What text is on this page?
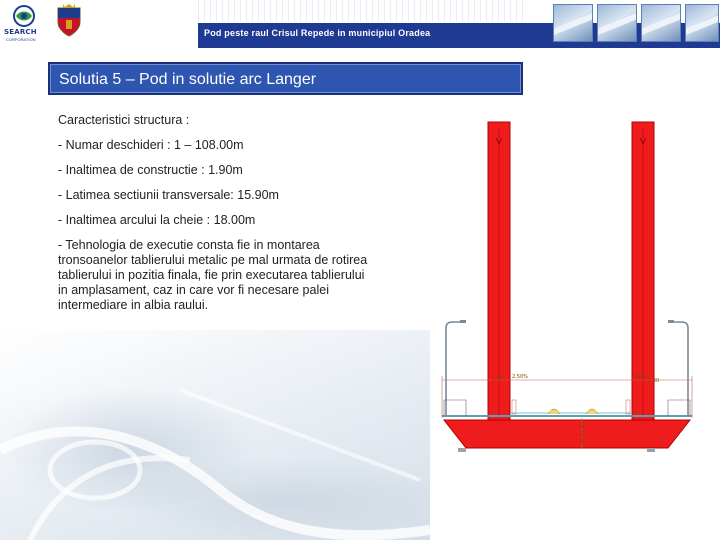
SEARCH
CORPORATION
Pod peste raul Crisul Repede in municipiul Oradea
Solutia 5 – Pod in solutie arc Langer

Caracteristici structura :

- Numar deschideri : 1 – 108.00m

- Inaltimea de constructie : 1.90m

- Latimea sectiunii transversale: 15.90m

- Inaltimea arcului la cheie : 18.00m

- Tehnologia de executie consta fie in montarea tronsoanelor tablierului metalic pe mal urmata de rotirea tablierului in pozitia finala, fie prin executarea tablierului in amplasament, caz in care vor fi necesare palei intermediare in albia raului.

1.30 2.50%	2.50%
1.30
Hc=1.90
